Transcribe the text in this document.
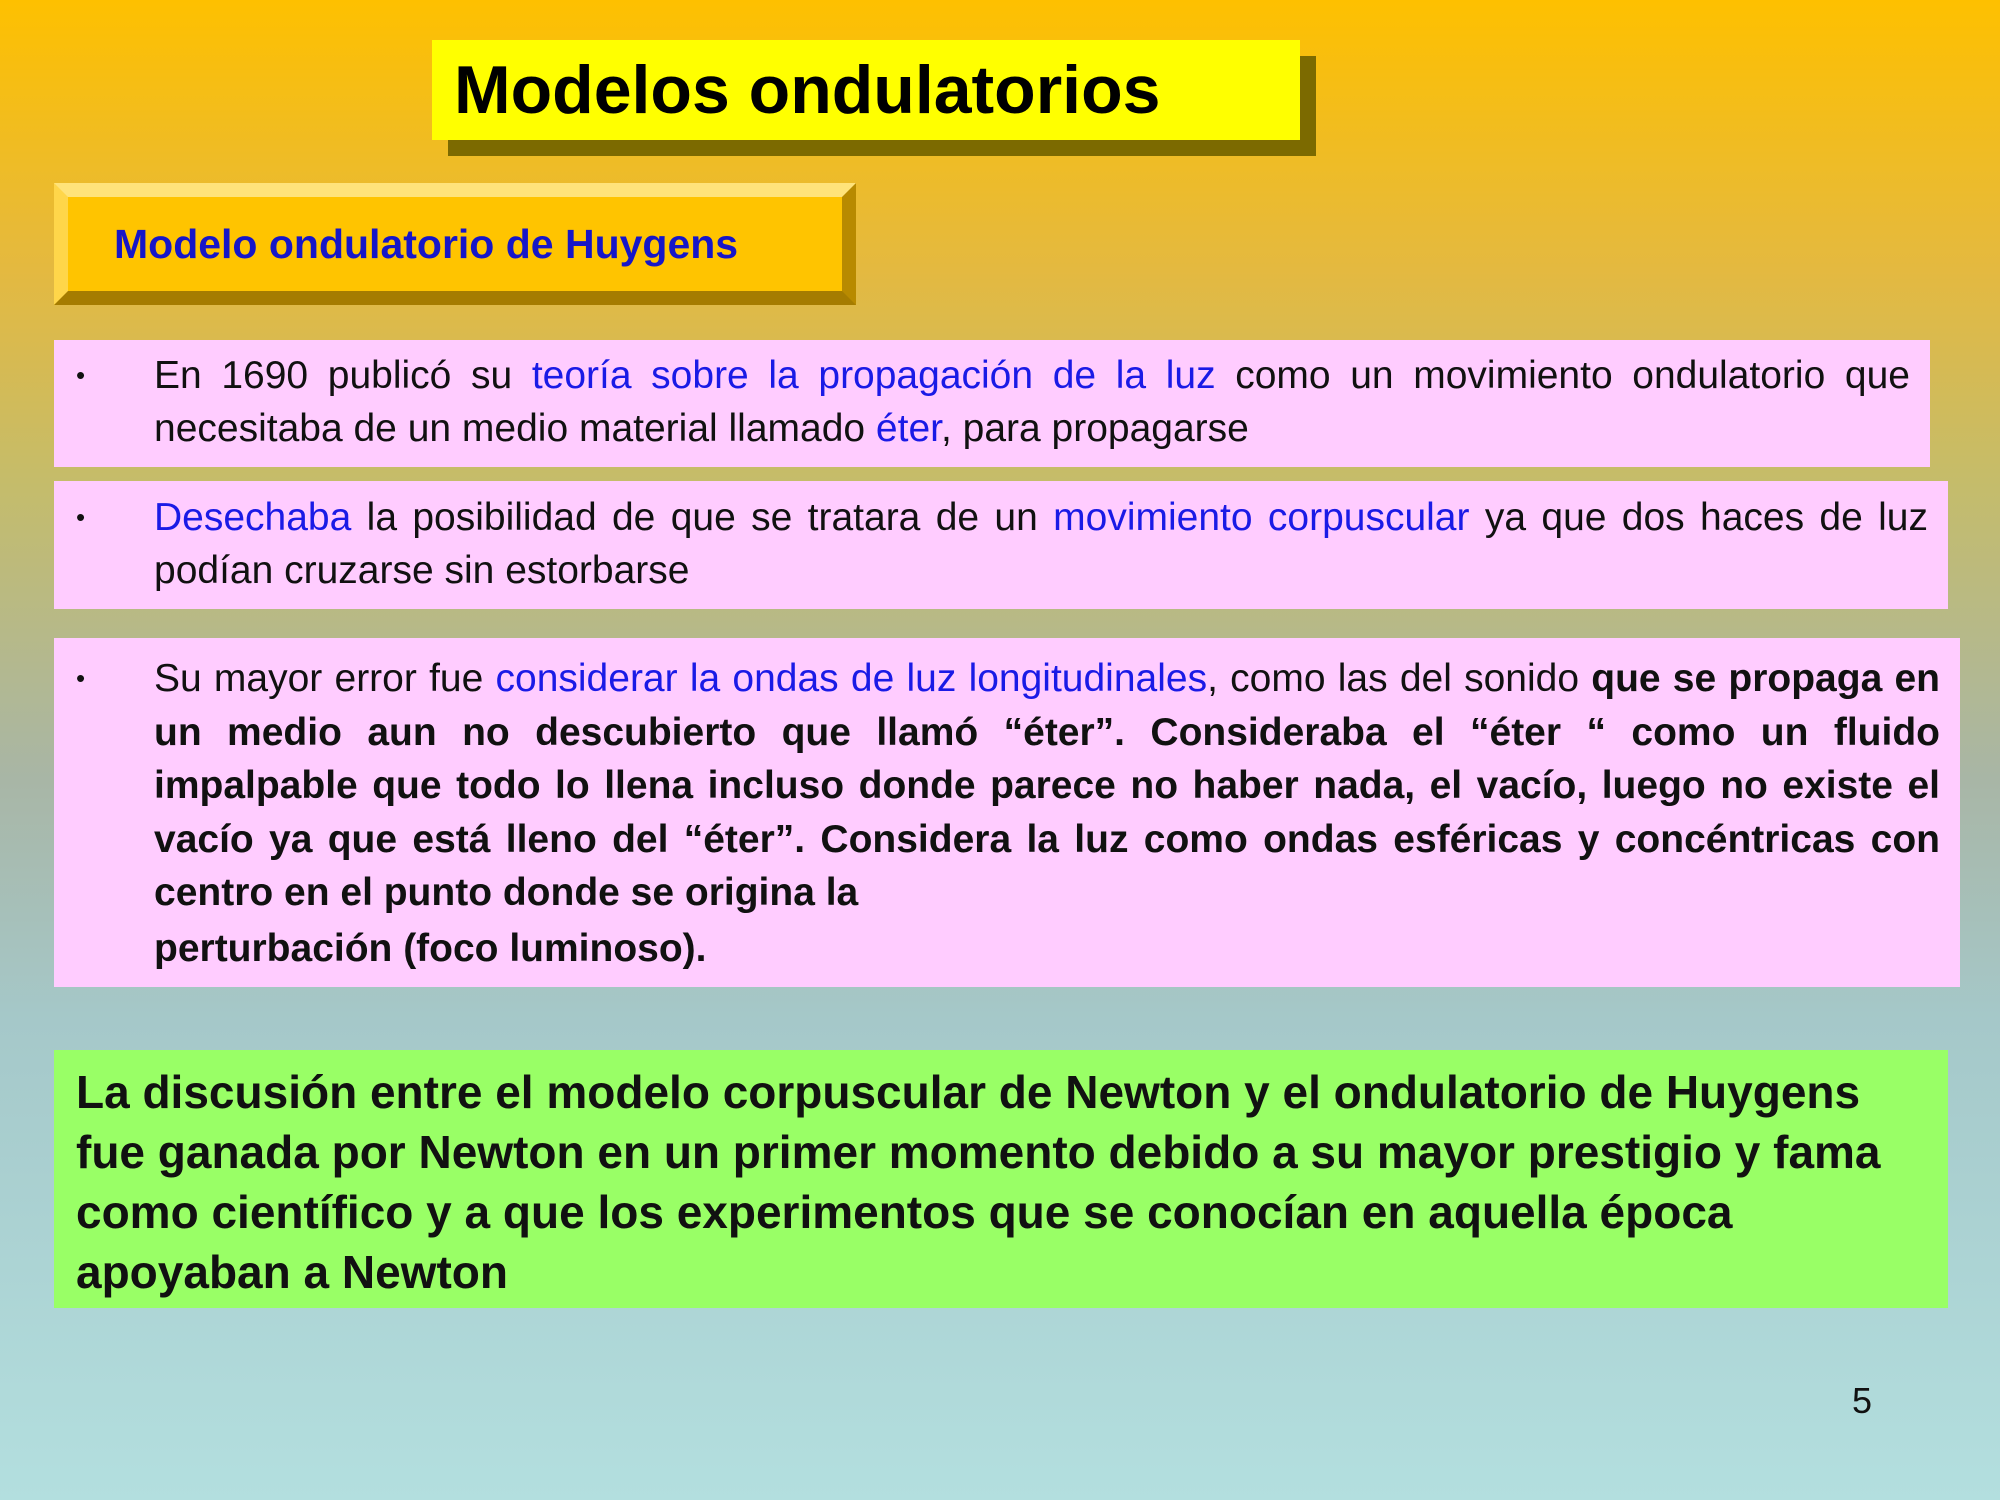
Modelos ondulatorios
Modelo ondulatorio de Huygens
• En 1690 publicó su teoría sobre la propagación de la luz como un movimiento ondulatorio que necesitaba de un medio material llamado éter, para propagarse
• Desechaba la posibilidad de que se tratara de un movimiento corpuscular ya que dos haces de luz podían cruzarse sin estorbarse
• Su mayor error fue considerar la ondas de luz longitudinales, como las del sonido que se propaga en un medio aun no descubierto que llamó “éter”. Consideraba el “éter “ como un fluido impalpable que todo lo llena incluso donde parece no haber nada, el vacío, luego no existe el vacío ya que está lleno del “éter”. Considera la luz como ondas esféricas y concéntricas con centro en el punto donde se origina la
perturbación (foco luminoso).
La discusión entre el modelo corpuscular de Newton y el ondulatorio de Huygens fue ganada por Newton en un primer momento debido a su mayor prestigio y fama como científico y a que los experimentos que se conocían en aquella época apoyaban a Newton
5
